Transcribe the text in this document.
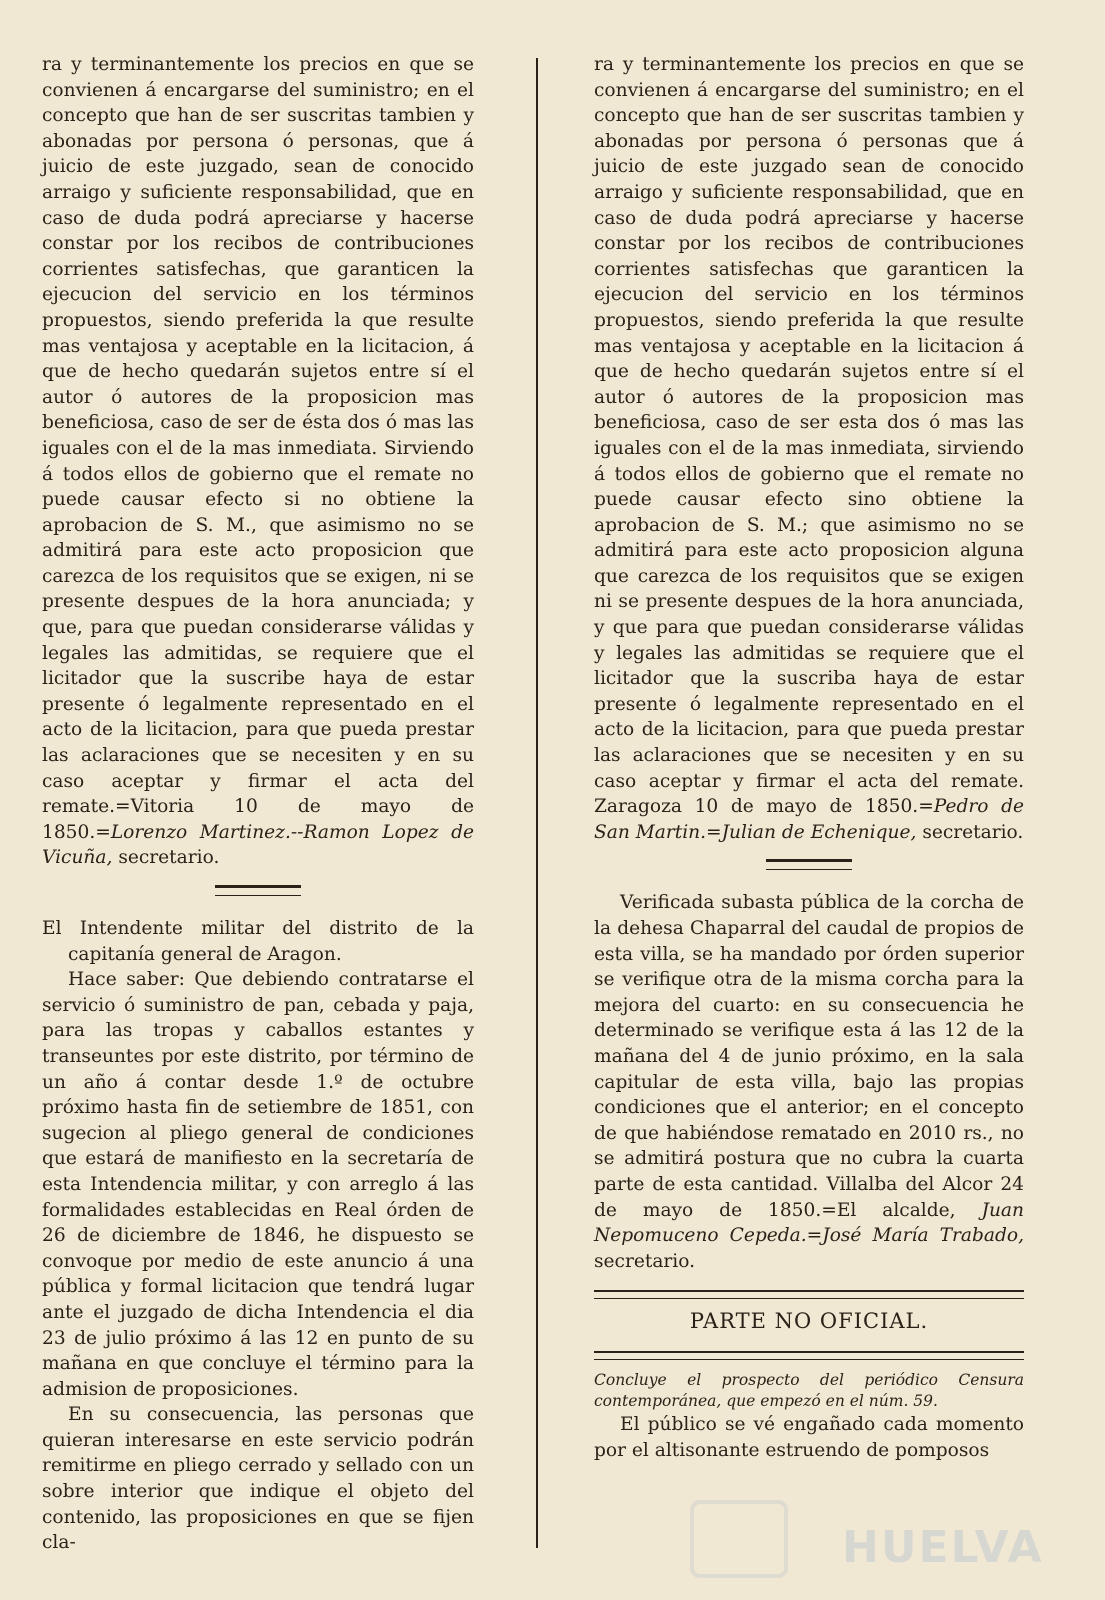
ra y terminantemente los precios en que se convienen á encargarse del suministro; en el concepto que han de ser suscritas tambien y abonadas por persona ó personas, que á juicio de este juzgado, sean de conocido arraigo y suficiente responsabilidad, que en caso de duda podrá apreciarse y hacerse constar por los recibos de contribuciones corrientes satisfechas, que garanticen la ejecucion del servicio en los términos propuestos, siendo preferida la que resulte mas ventajosa y aceptable en la licitacion, á que de hecho quedarán sujetos entre sí el autor ó autores de la proposicion mas beneficiosa, caso de ser de ésta dos ó mas las iguales con el de la mas inmediata. Sirviendo á todos ellos de gobierno que el remate no puede causar efecto si no obtiene la aprobacion de S. M., que asimismo no se admitirá para este acto proposicion que carezca de los requisitos que se exigen, ni se presente despues de la hora anunciada; y que, para que puedan considerarse válidas y legales las admitidas, se requiere que el licitador que la suscribe haya de estar presente ó legalmente representado en el acto de la licitacion, para que pueda prestar las aclaraciones que se necesiten y en su caso aceptar y firmar el acta del remate.=Vitoria 10 de mayo de 1850.=Lorenzo Martinez.--Ramon Lopez de Vicuña, secretario.

El Intendente militar del distrito de la capitanía general de Aragon.

Hace saber: Que debiendo contratarse el servicio ó suministro de pan, cebada y paja, para las tropas y caballos estantes y transeuntes por este distrito, por término de un año á contar desde 1.º de octubre próximo hasta fin de setiembre de 1851, con sugecion al pliego general de condiciones que estará de manifiesto en la secretaría de esta Intendencia militar, y con arreglo á las formalidades establecidas en Real órden de 26 de diciembre de 1846, he dispuesto se convoque por medio de este anuncio á una pública y formal licitacion que tendrá lugar ante el juzgado de dicha Intendencia el dia 23 de julio próximo á las 12 en punto de su mañana en que concluye el término para la admision de proposiciones.

En su consecuencia, las personas que quieran interesarse en este servicio podrán remitirme en pliego cerrado y sellado con un sobre interior que indique el objeto del contenido, las proposiciones en que se fijen cla-

ra y terminantemente los precios en que se convienen á encargarse del suministro; en el concepto que han de ser suscritas tambien y abonadas por persona ó personas que á juicio de este juzgado sean de conocido arraigo y suficiente responsabilidad, que en caso de duda podrá apreciarse y hacerse constar por los recibos de contribuciones corrientes satisfechas que garanticen la ejecucion del servicio en los términos propuestos, siendo preferida la que resulte mas ventajosa y aceptable en la licitacion á que de hecho quedarán sujetos entre sí el autor ó autores de la proposicion mas beneficiosa, caso de ser esta dos ó mas las iguales con el de la mas inmediata, sirviendo á todos ellos de gobierno que el remate no puede causar efecto sino obtiene la aprobacion de S. M.; que asimismo no se admitirá para este acto proposicion alguna que carezca de los requisitos que se exigen ni se presente despues de la hora anunciada, y que para que puedan considerarse válidas y legales las admitidas se requiere que el licitador que la suscriba haya de estar presente ó legalmente representado en el acto de la licitacion, para que pueda prestar las aclaraciones que se necesiten y en su caso aceptar y firmar el acta del remate. Zaragoza 10 de mayo de 1850.=Pedro de San Martin.=Julian de Echenique, secretario.

Verificada subasta pública de la corcha de la dehesa Chaparral del caudal de propios de esta villa, se ha mandado por órden superior se verifique otra de la misma corcha para la mejora del cuarto: en su consecuencia he determinado se verifique esta á las 12 de la mañana del 4 de junio próximo, en la sala capitular de esta villa, bajo las propias condiciones que el anterior; en el concepto de que habiéndose rematado en 2010 rs., no se admitirá postura que no cubra la cuarta parte de esta cantidad. Villalba del Alcor 24 de mayo de 1850.=El alcalde, Juan Nepomuceno Cepeda.=José María Trabado, secretario.

PARTE NO OFICIAL.

Concluye el prospecto del periódico Censura contemporánea, que empezó en el núm. 59.

El público se vé engañado cada momento por el altisonante estruendo de pomposos

HUELVA
